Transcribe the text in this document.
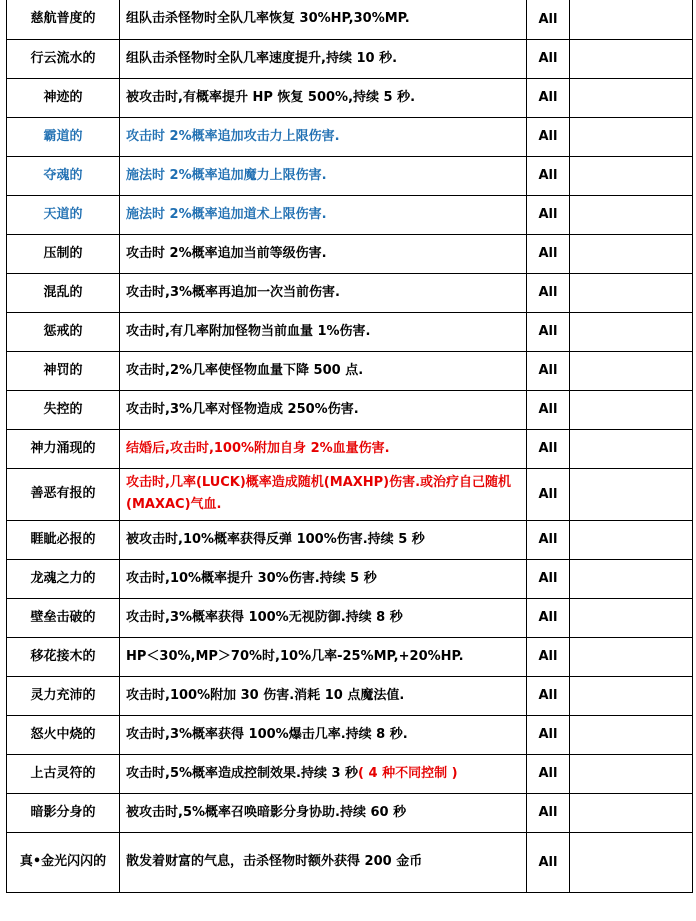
慈航普度的	组队击杀怪物时全队几率恢复 30%HP,30%MP.	All	
行云流水的	组队击杀怪物时全队几率速度提升,持续 10 秒.	All	
神迹的	被攻击时,有概率提升 HP 恢复 500%,持续 5 秒.	All	
霸道的	攻击时 2%概率追加攻击力上限伤害.	All	
夺魂的	施法时 2%概率追加魔力上限伤害.	All	
天道的	施法时 2%概率追加道术上限伤害.	All	
压制的	攻击时 2%概率追加当前等级伤害.	All	
混乱的	攻击时,3%概率再追加一次当前伤害.	All	
惩戒的	攻击时,有几率附加怪物当前血量 1%伤害.	All	
神罚的	攻击时,2%几率使怪物血量下降 500 点.	All	
失控的	攻击时,3%几率对怪物造成 250%伤害.	All	
神力涌现的	结婚后,攻击时,100%附加自身 2%血量伤害.	All	
善恶有报的	攻击时,几率(LUCK)概率造成随机(MAXHP)伤害.或治疗自己随机(MAXAC)气血.	All	
睚眦必报的	被攻击时,10%概率获得反弹 100%伤害.持续 5 秒	All	
龙魂之力的	攻击时,10%概率提升 30%伤害.持续 5 秒	All	
壁垒击破的	攻击时,3%概率获得 100%无视防御.持续 8 秒	All	
移花接木的	HP＜30%,MP＞70%时,10%几率-25%MP,+20%HP.	All	
灵力充沛的	攻击时,100%附加 30 伤害.消耗 10 点魔法值.	All	
怒火中烧的	攻击时,3%概率获得 100%爆击几率.持续 8 秒.	All	
上古灵符的	攻击时,5%概率造成控制效果.持续 3 秒( 4 种不同控制 )	All	
暗影分身的	被攻击时,5%概率召唤暗影分身协助.持续 60 秒	All	
真•金光闪闪的	散发着财富的气息，击杀怪物时额外获得 200 金币	All	
